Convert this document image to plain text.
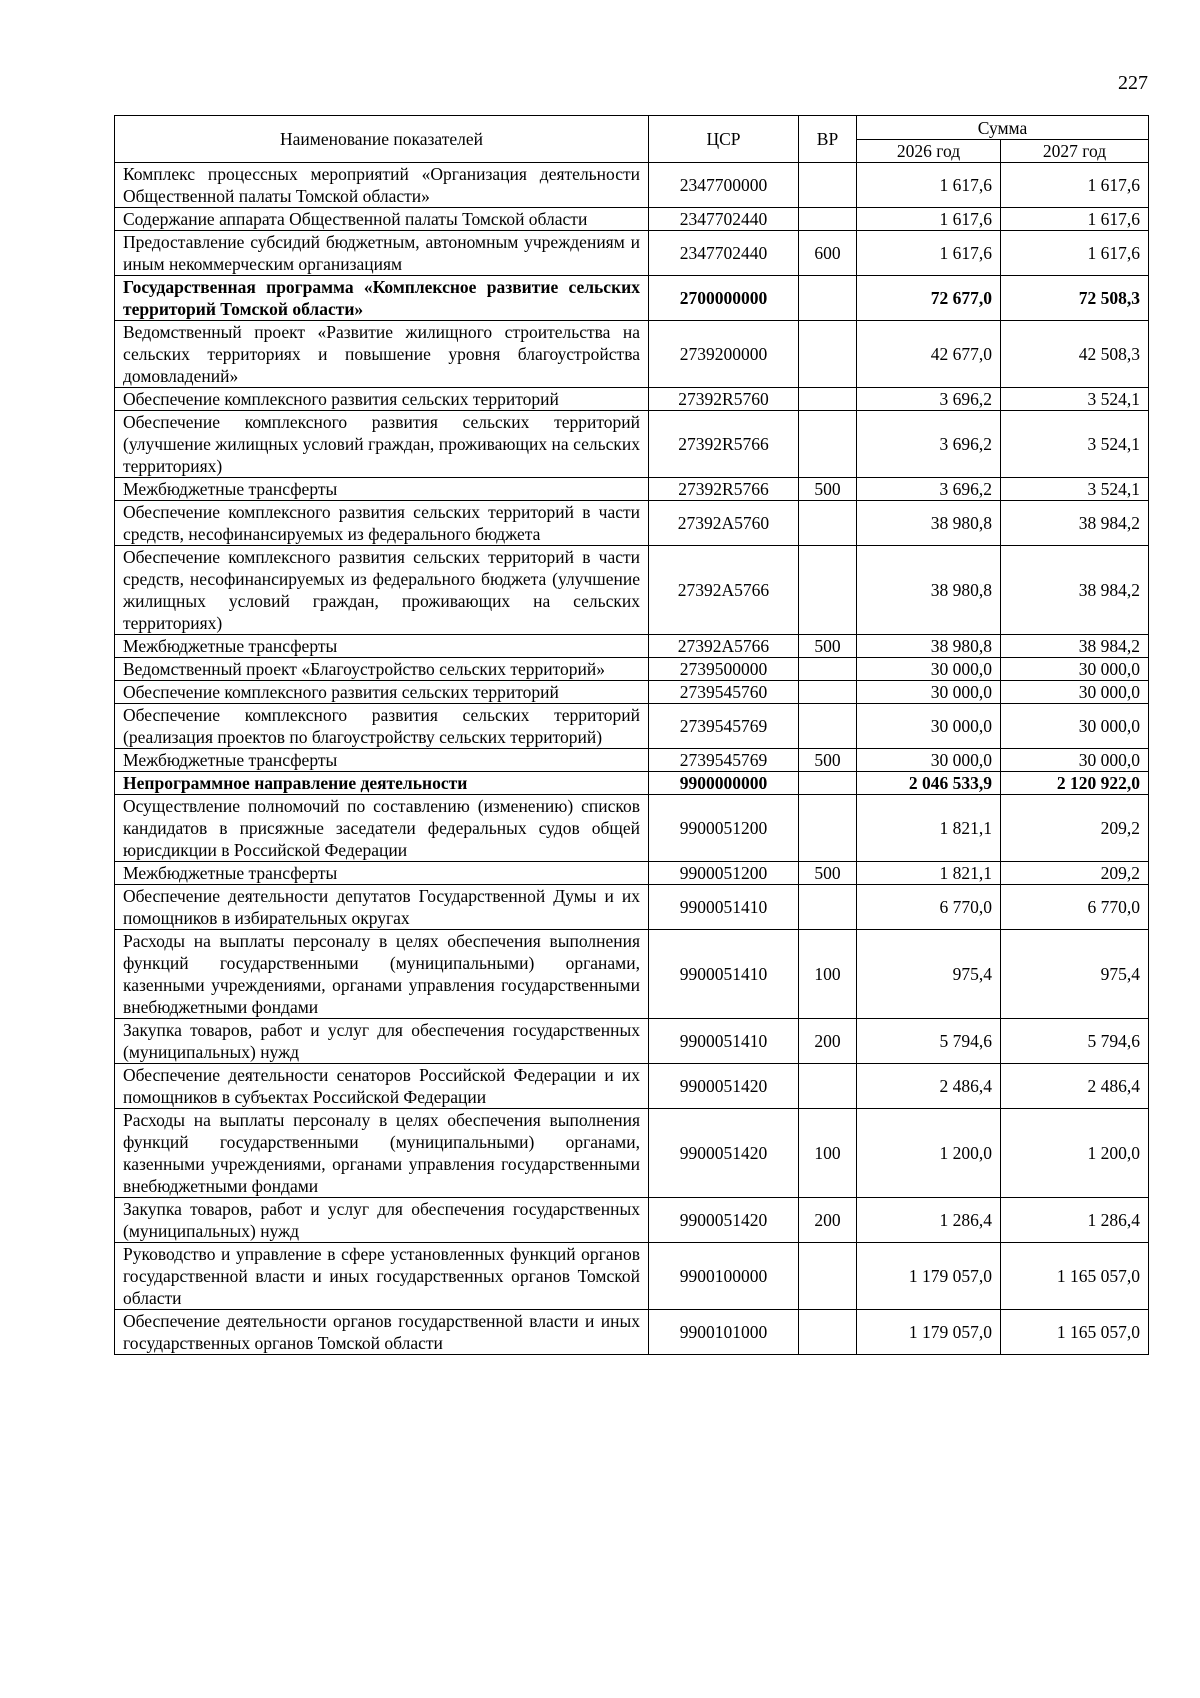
227
Наименование показателей	ЦСР	ВР	Сумма	
			2026 год	2027 год
Комплекс процессных мероприятий «Организация деятельности Общественной палаты Томской области»	2347700000		1 617,6	1 617,6
Содержание аппарата Общественной палаты Томской области	2347702440		1 617,6	1 617,6
Предоставление субсидий бюджетным, автономным учреждениям и иным некоммерческим организациям	2347702440	600	1 617,6	1 617,6
Государственная программа «Комплексное развитие сельских территорий Томской области»	2700000000		72 677,0	72 508,3
Ведомственный проект «Развитие жилищного строительства на сельских территориях и повышение уровня благоустройства домовладений»	2739200000		42 677,0	42 508,3
Обеспечение комплексного развития сельских территорий	27392R5760		3 696,2	3 524,1
Обеспечение комплексного развития сельских территорий (улучшение жилищных условий граждан, проживающих на сельских территориях)	27392R5766		3 696,2	3 524,1
Межбюджетные трансферты	27392R5766	500	3 696,2	3 524,1
Обеспечение комплексного развития сельских территорий в части средств, несофинансируемых из федерального бюджета	27392A5760		38 980,8	38 984,2
Обеспечение комплексного развития сельских территорий в части средств, несофинансируемых из федерального бюджета (улучшение жилищных условий граждан, проживающих на сельских территориях)	27392A5766		38 980,8	38 984,2
Межбюджетные трансферты	27392A5766	500	38 980,8	38 984,2
Ведомственный проект «Благоустройство сельских территорий»	2739500000		30 000,0	30 000,0
Обеспечение комплексного развития сельских территорий	2739545760		30 000,0	30 000,0
Обеспечение комплексного развития сельских территорий (реализация проектов по благоустройству сельских территорий)	2739545769		30 000,0	30 000,0
Межбюджетные трансферты	2739545769	500	30 000,0	30 000,0
Непрограммное направление деятельности	9900000000		2 046 533,9	2 120 922,0
Осуществление полномочий по составлению (изменению) списков кандидатов в присяжные заседатели федеральных судов общей юрисдикции в Российской Федерации	9900051200		1 821,1	209,2
Межбюджетные трансферты	9900051200	500	1 821,1	209,2
Обеспечение деятельности депутатов Государственной Думы и их помощников в избирательных округах	9900051410		6 770,0	6 770,0
Расходы на выплаты персоналу в целях обеспечения выполнения функций государственными (муниципальными) органами, казенными учреждениями, органами управления государственными внебюджетными фондами	9900051410	100	975,4	975,4
Закупка товаров, работ и услуг для обеспечения государственных (муниципальных) нужд	9900051410	200	5 794,6	5 794,6
Обеспечение деятельности сенаторов Российской Федерации и их помощников в субъектах Российской Федерации	9900051420		2 486,4	2 486,4
Расходы на выплаты персоналу в целях обеспечения выполнения функций государственными (муниципальными) органами, казенными учреждениями, органами управления государственными внебюджетными фондами	9900051420	100	1 200,0	1 200,0
Закупка товаров, работ и услуг для обеспечения государственных (муниципальных) нужд	9900051420	200	1 286,4	1 286,4
Руководство и управление в сфере установленных функций органов государственной власти и иных государственных органов Томской области	9900100000		1 179 057,0	1 165 057,0
Обеспечение деятельности органов государственной власти и иных государственных органов Томской области	9900101000		1 179 057,0	1 165 057,0
